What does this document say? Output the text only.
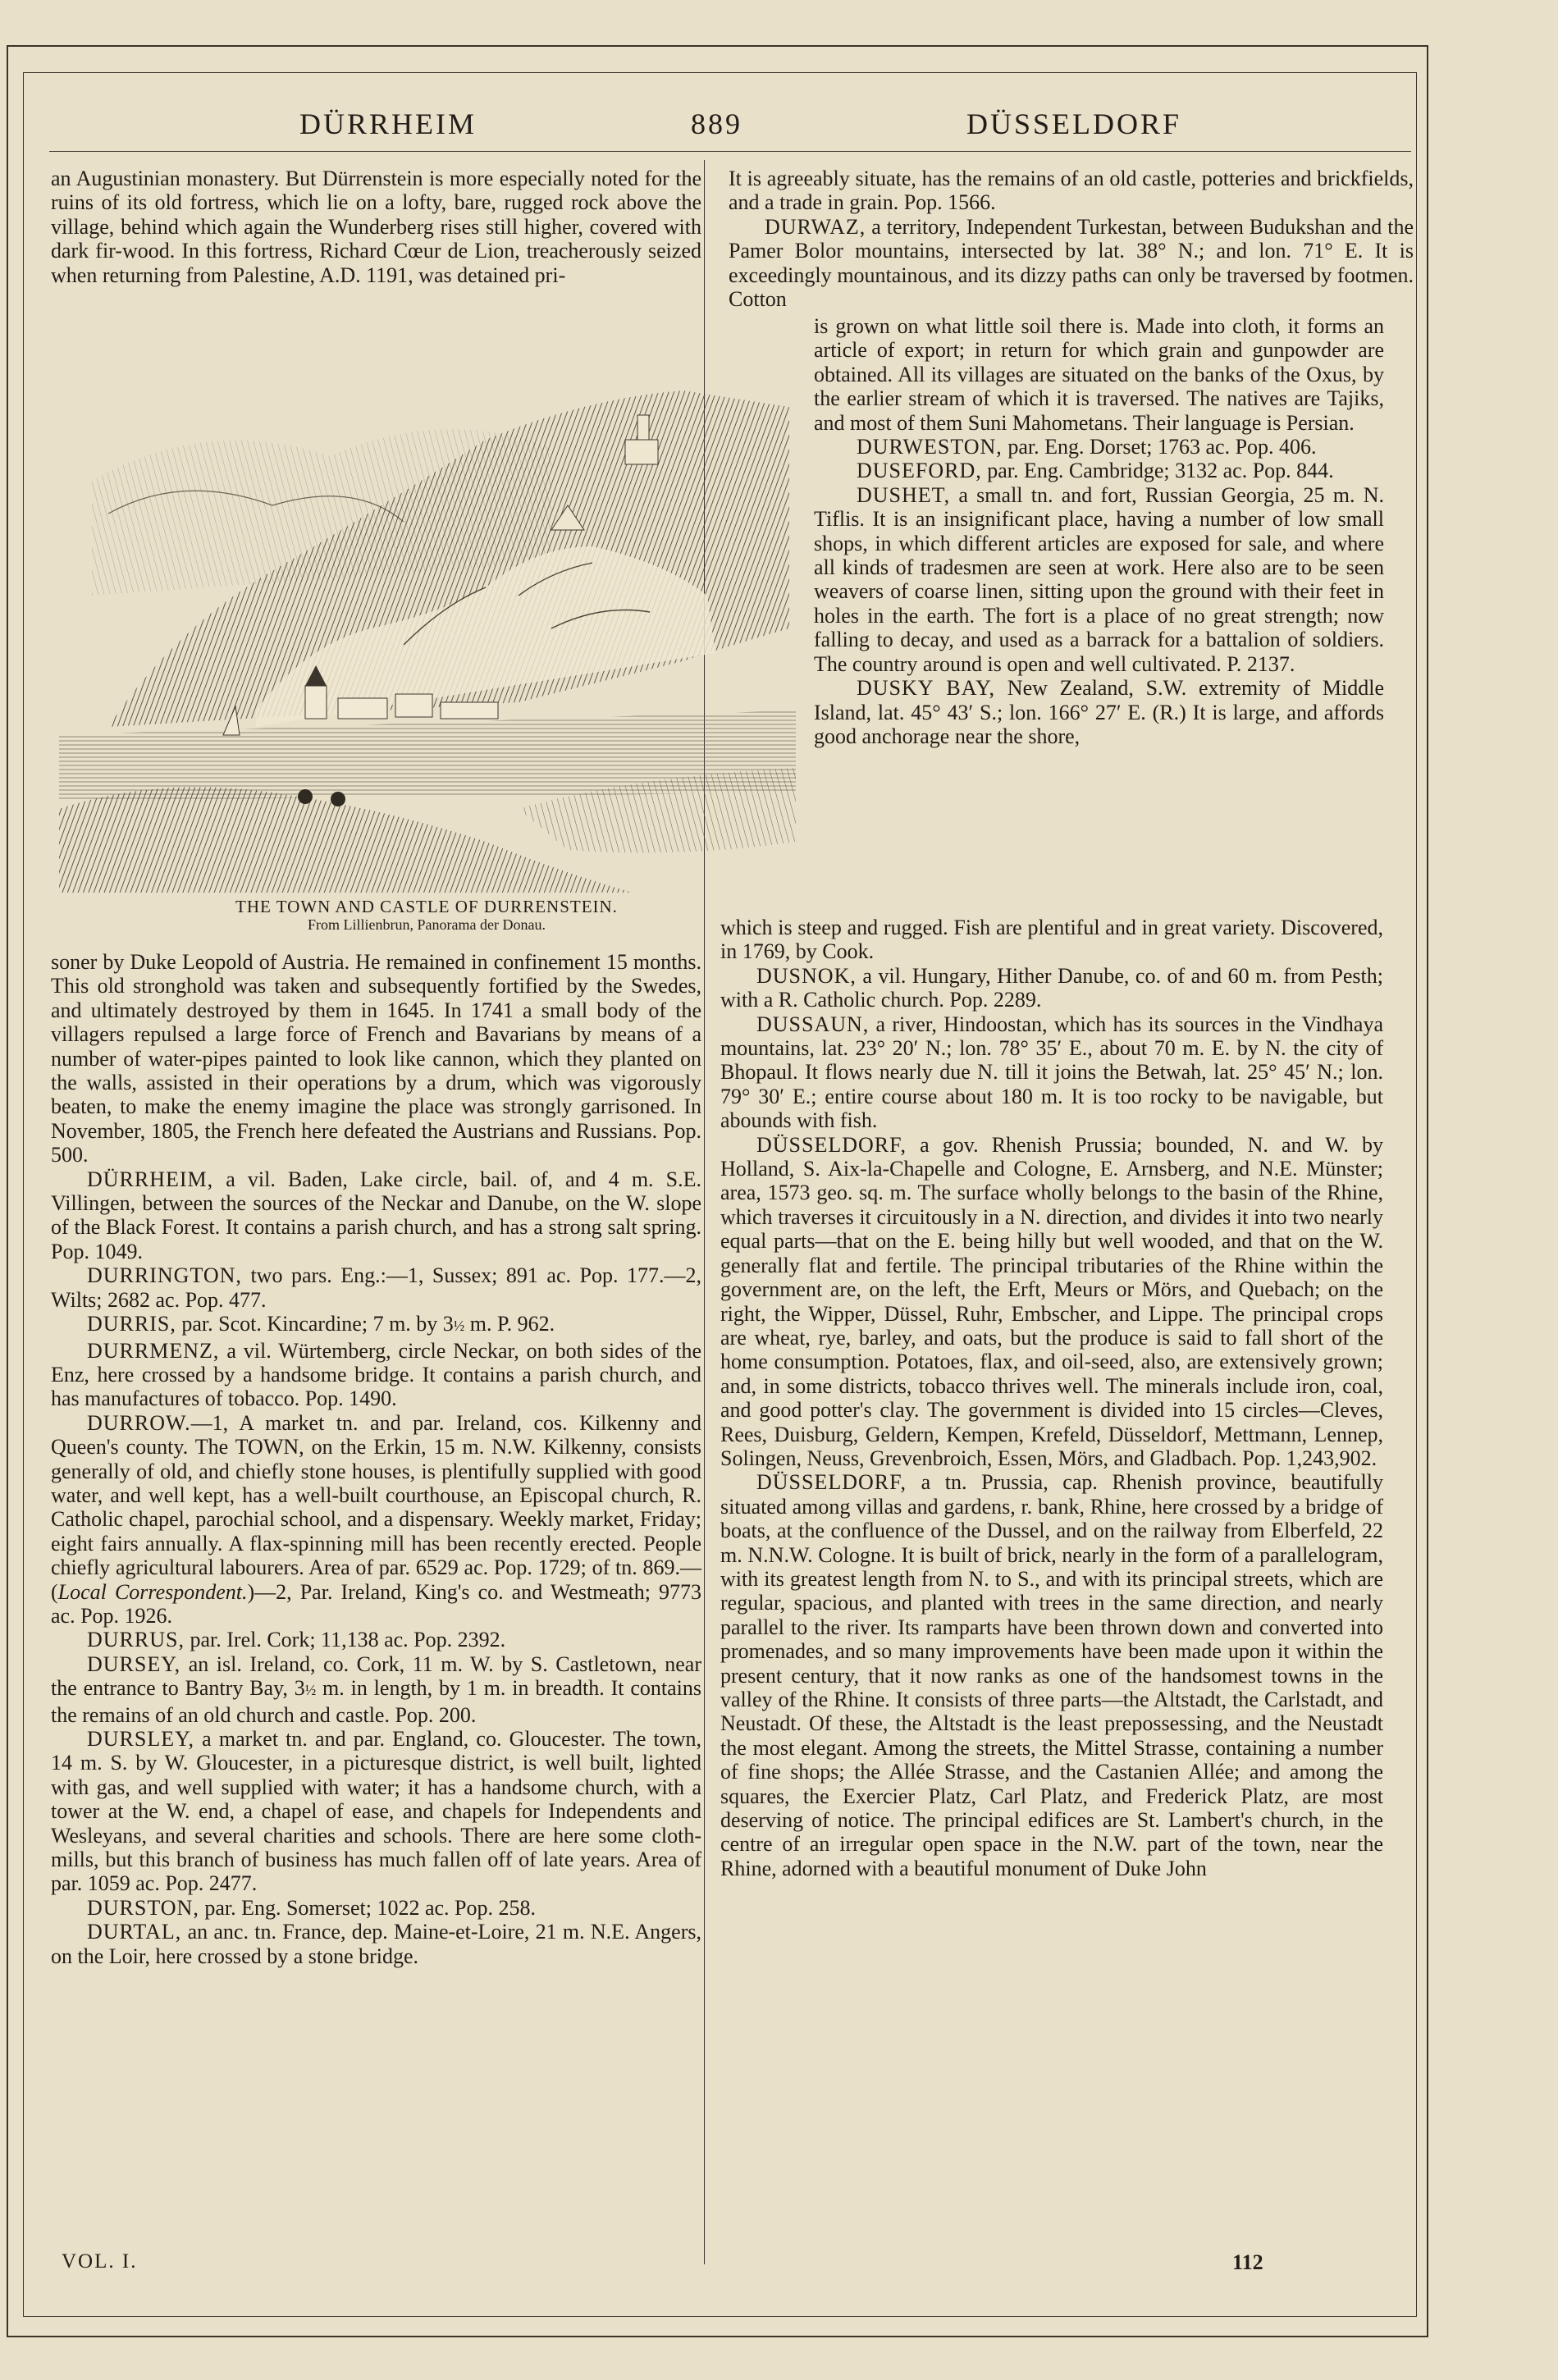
DÜRRHEIM	889	DÜSSELDORF

an Augustinian monastery. But Dürrenstein is more especially noted for the ruins of its old fortress, which lie on a lofty, bare, rugged rock above the village, behind which again the Wunderberg rises still higher, covered with dark fir-wood. In this fortress, Richard Cœur de Lion, treacherously seized when returning from Palestine, A.D. 1191, was detained pri-

THE TOWN AND CASTLE OF DURRENSTEIN.
From Lillienbrun, Panorama der Donau.

soner by Duke Leopold of Austria. He remained in confinement 15 months. This old stronghold was taken and subsequently fortified by the Swedes, and ultimately destroyed by them in 1645. In 1741 a small body of the villagers repulsed a large force of French and Bavarians by means of a number of water-pipes painted to look like cannon, which they planted on the walls, assisted in their operations by a drum, which was vigorously beaten, to make the enemy imagine the place was strongly garrisoned. In November, 1805, the French here defeated the Austrians and Russians. Pop. 500.

DÜRRHEIM, a vil. Baden, Lake circle, bail. of, and 4 m. S.E. Villingen, between the sources of the Neckar and Danube, on the W. slope of the Black Forest. It contains a parish church, and has a strong salt spring. Pop. 1049.

DURRINGTON, two pars. Eng.:—1, Sussex; 891 ac. Pop. 177.—2, Wilts; 2682 ac. Pop. 477.

DURRIS, par. Scot. Kincardine; 7 m. by 3½ m. P. 962.

DURRMENZ, a vil. Würtemberg, circle Neckar, on both sides of the Enz, here crossed by a handsome bridge. It contains a parish church, and has manufactures of tobacco. Pop. 1490.

DURROW.—1, A market tn. and par. Ireland, cos. Kilkenny and Queen's county. The TOWN, on the Erkin, 15 m. N.W. Kilkenny, consists generally of old, and chiefly stone houses, is plentifully supplied with good water, and well kept, has a well-built courthouse, an Episcopal church, R. Catholic chapel, parochial school, and a dispensary. Weekly market, Friday; eight fairs annually. A flax-spinning mill has been recently erected. People chiefly agricultural labourers. Area of par. 6529 ac. Pop. 1729; of tn. 869.—(Local Correspondent.)—2, Par. Ireland, King's co. and Westmeath; 9773 ac. Pop. 1926.

DURRUS, par. Irel. Cork; 11,138 ac. Pop. 2392.

DURSEY, an isl. Ireland, co. Cork, 11 m. W. by S. Castletown, near the entrance to Bantry Bay, 3½ m. in length, by 1 m. in breadth. It contains the remains of an old church and castle. Pop. 200.

DURSLEY, a market tn. and par. England, co. Gloucester. The town, 14 m. S. by W. Gloucester, in a picturesque district, is well built, lighted with gas, and well supplied with water; it has a handsome church, with a tower at the W. end, a chapel of ease, and chapels for Independents and Wesleyans, and several charities and schools. There are here some cloth-mills, but this branch of business has much fallen off of late years. Area of par. 1059 ac. Pop. 2477.

DURSTON, par. Eng. Somerset; 1022 ac. Pop. 258.

DURTAL, an anc. tn. France, dep. Maine-et-Loire, 21 m. N.E. Angers, on the Loir, here crossed by a stone bridge.

It is agreeably situate, has the remains of an old castle, potteries and brickfields, and a trade in grain. Pop. 1566.

DURWAZ, a territory, Independent Turkestan, between Budukshan and the Pamer Bolor mountains, intersected by lat. 38° N.; and lon. 71° E. It is exceedingly mountainous, and its dizzy paths can only be traversed by footmen. Cotton

is grown on what little soil there is. Made into cloth, it forms an article of export; in return for which grain and gunpowder are obtained. All its villages are situated on the banks of the Oxus, by the earlier stream of which it is traversed. The natives are Tajiks, and most of them Suni Mahometans. Their language is Persian.

DURWESTON, par. Eng. Dorset; 1763 ac. Pop. 406.

DUSEFORD, par. Eng. Cambridge; 3132 ac. Pop. 844.

DUSHET, a small tn. and fort, Russian Georgia, 25 m. N. Tiflis. It is an insignificant place, having a number of low small shops, in which different articles are exposed for sale, and where all kinds of tradesmen are seen at work. Here also are to be seen weavers of coarse linen, sitting upon the ground with their feet in holes in the earth. The fort is a place of no great strength; now falling to decay, and used as a barrack for a battalion of soldiers. The country around is open and well cultivated. P. 2137.

DUSKY BAY, New Zealand, S.W. extremity of Middle Island, lat. 45° 43′ S.; lon. 166° 27′ E. (R.) It is large, and affords good anchorage near the shore,

which is steep and rugged. Fish are plentiful and in great variety. Discovered, in 1769, by Cook.

DUSNOK, a vil. Hungary, Hither Danube, co. of and 60 m. from Pesth; with a R. Catholic church. Pop. 2289.

DUSSAUN, a river, Hindoostan, which has its sources in the Vindhaya mountains, lat. 23° 20′ N.; lon. 78° 35′ E., about 70 m. E. by N. the city of Bhopaul. It flows nearly due N. till it joins the Betwah, lat. 25° 45′ N.; lon. 79° 30′ E.; entire course about 180 m. It is too rocky to be navigable, but abounds with fish.

DÜSSELDORF, a gov. Rhenish Prussia; bounded, N. and W. by Holland, S. Aix-la-Chapelle and Cologne, E. Arnsberg, and N.E. Münster; area, 1573 geo. sq. m. The surface wholly belongs to the basin of the Rhine, which traverses it circuitously in a N. direction, and divides it into two nearly equal parts—that on the E. being hilly but well wooded, and that on the W. generally flat and fertile. The principal tributaries of the Rhine within the government are, on the left, the Erft, Meurs or Mörs, and Quebach; on the right, the Wipper, Düssel, Ruhr, Embscher, and Lippe. The principal crops are wheat, rye, barley, and oats, but the produce is said to fall short of the home consumption. Potatoes, flax, and oil-seed, also, are extensively grown; and, in some districts, tobacco thrives well. The minerals include iron, coal, and good potter's clay. The government is divided into 15 circles—Cleves, Rees, Duisburg, Geldern, Kempen, Krefeld, Düsseldorf, Mettmann, Lennep, Solingen, Neuss, Grevenbroich, Essen, Mörs, and Gladbach. Pop. 1,243,902.

DÜSSELDORF, a tn. Prussia, cap. Rhenish province, beautifully situated among villas and gardens, r. bank, Rhine, here crossed by a bridge of boats, at the confluence of the Dussel, and on the railway from Elberfeld, 22 m. N.N.W. Cologne. It is built of brick, nearly in the form of a parallelogram, with its greatest length from N. to S., and with its principal streets, which are regular, spacious, and planted with trees in the same direction, and nearly parallel to the river. Its ramparts have been thrown down and converted into promenades, and so many improvements have been made upon it within the present century, that it now ranks as one of the handsomest towns in the valley of the Rhine. It consists of three parts—the Altstadt, the Carlstadt, and Neustadt. Of these, the Altstadt is the least prepossessing, and the Neustadt the most elegant. Among the streets, the Mittel Strasse, containing a number of fine shops; the Allée Strasse, and the Castanien Allée; and among the squares, the Exercier Platz, Carl Platz, and Frederick Platz, are most deserving of notice. The principal edifices are St. Lambert's church, in the centre of an irregular open space in the N.W. part of the town, near the Rhine, adorned with a beautiful monument of Duke John

VOL. I.	112
